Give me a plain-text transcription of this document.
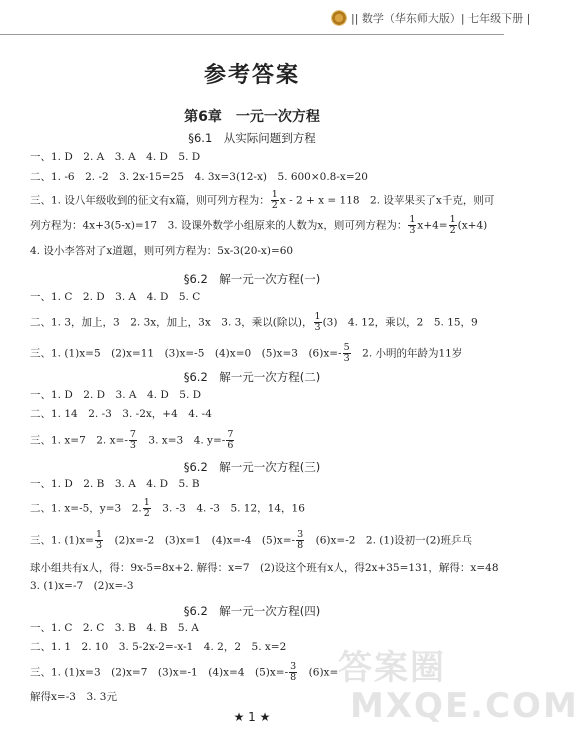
|| 数学（华东师大版）| 七年级下册 |
参考答案
第6章　一元一次方程
§6.1　从实际问题到方程
一、1. D　2. A　3. A　4. D　5. D
二、1. -6　2. -2　3. 2x-15=25　4. 3x=3(12-x)　5. 600×0.8-x=20
三、1. 设八年级收到的征文有x篇，则可列方程为： $\frac{1}{2}$ x - 2 + x = 118　2. 设苹果买了x千克，则可
列方程为：4x+3(5-x)=17　3. 设课外数学小组原来的人数为x，则可列方程为： $\frac{1}{3} x+4= \frac{1}{2} (x+4)$
4. 设小李答对了x道题，则可列方程为：5x-3(20-x)=60
§6.2　解一元一次方程(一)
一、1. C　2. D　3. A　4. D　5. C
二、1. 3，加上，3　2. 3x，加上，3x　3. 3，乘以(除以)， $\frac{1}{3} (3)$　4. 12，乘以，2　5. 15，9
三、1. (1)x=5　(2)x=11　(3)x=-5　(4)x=0　(5)x=3　$(6)x=- \frac{5}{3}$ 　2. 小明的年龄为11岁
§6.2　解一元一次方程(二)
一、1. D　2. D　3. A　4. D　5. D
二、1. 14　2. -3　3. -2x，+4　4. -4
三、1. x=7　2. $x=- \frac{7}{3}$ 　3. x=3　4. $y=- \frac{7}{6}$
§6.2　解一元一次方程(三)
一、1. D　2. B　3. A　4. D　5. B
二、1. x=-5，y=3　2. $\frac{1}{2}$ 　3. -3　4. -3　5. 12，14，16
三、1. $(1)x= \frac{1}{3}$ 　(2)x=-2　(3)x=1　(4)x=-4　$(5)x=- \frac{3}{8}$ 　(6)x=-2　2. (1)设初一(2)班乒乓
球小组共有x人，得：9x-5=8x+2. 解得：x=7　(2)设这个班有x人，得2x+35=131，解得：x=48
3. (1)x=-7　(2)x=-3
§6.2　解一元一次方程(四)
一、1. C　2. C　3. B　4. B　5. A
二、1. 1　2. 10　3. 5-2x-2=-x-1　4. 2，2　5. x=2
三、1. (1)x=3　(2)x=7　(3)x=-1　(4)x=4　$(5)x=- \frac{3}{8}$ 　(6)x=
解得x=-3　3. 3元
★ 1 ★
答案圈
MXQE.COM
